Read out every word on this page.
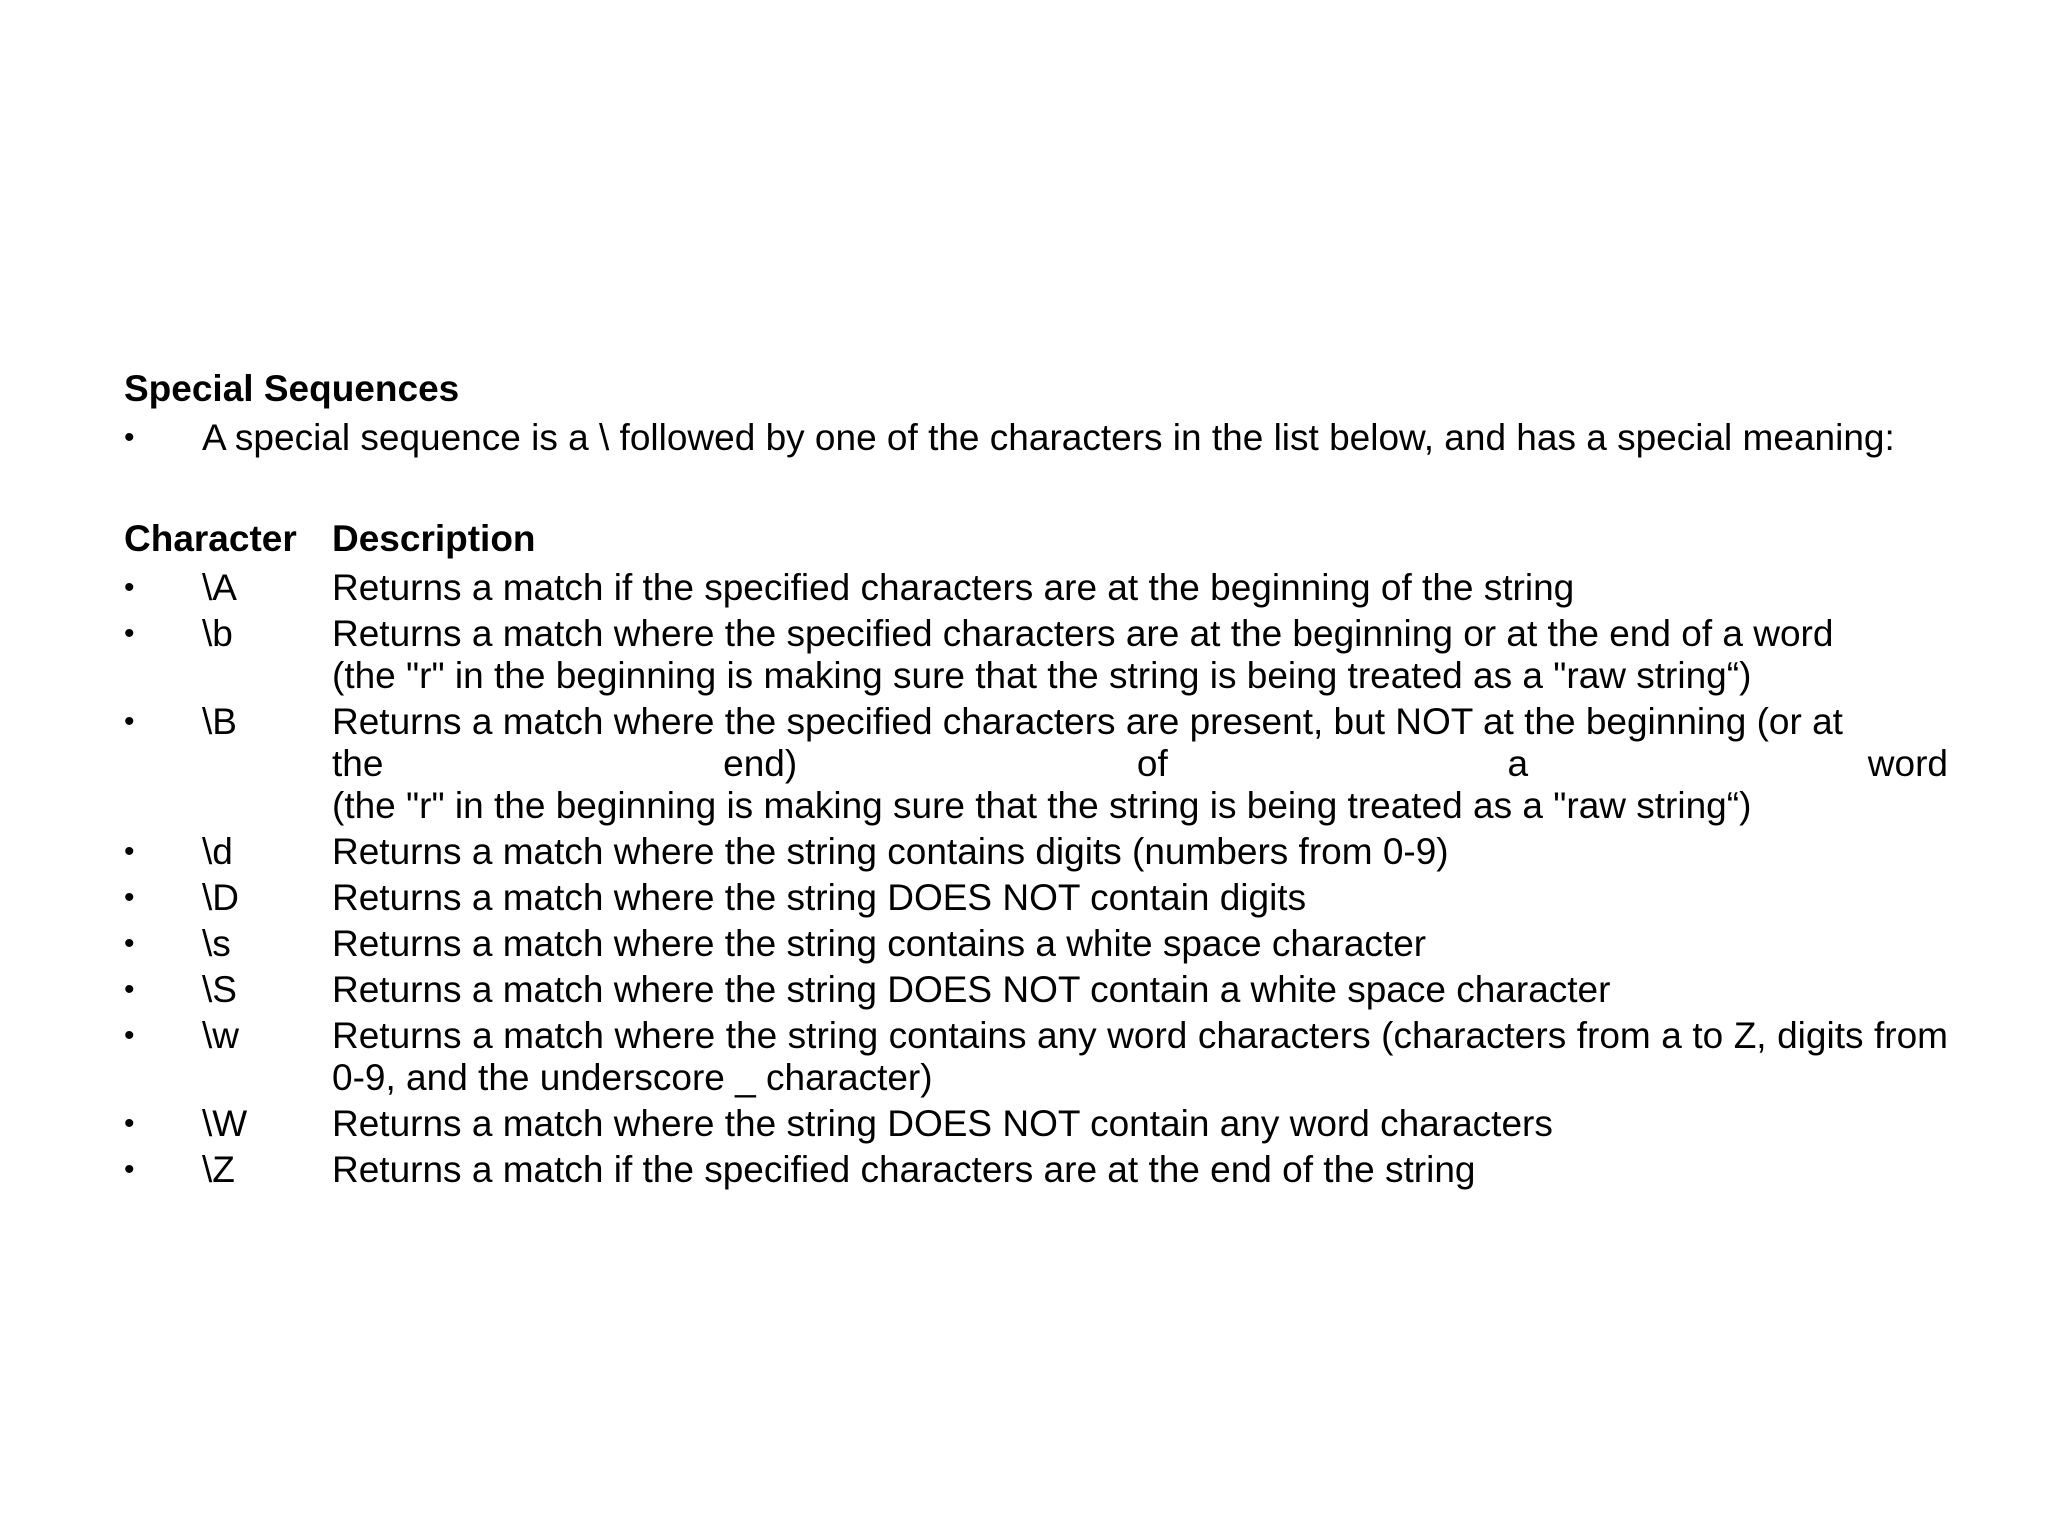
Special Sequences
• A special sequence is a \ followed by one of the characters in the list below, and has a special meaning:
Character Description
•	\A	Returns a match if the specified characters are at the beginning of the string
•	\b	Returns a match where the specified characters are at the beginning or at the end of a word
(the "r" in the beginning is making sure that the string is being treated as a "raw string“)
•	\B	Returns a match where the specified characters are present, but NOT at the beginning (or at
the end) of a word
(the "r" in the beginning is making sure that the string is being treated as a "raw string“)
•	\d	Returns a match where the string contains digits (numbers from 0-9)
•	\D	Returns a match where the string DOES NOT contain digits
•	\s	Returns a match where the string contains a white space character
•	\S	Returns a match where the string DOES NOT contain a white space character
•	\w	Returns a match where the string contains any word characters (characters from a to Z, digits from 0-9, and the underscore _ character)
•	\W	Returns a match where the string DOES NOT contain any word characters
•	\Z	Returns a match if the specified characters are at the end of the string
